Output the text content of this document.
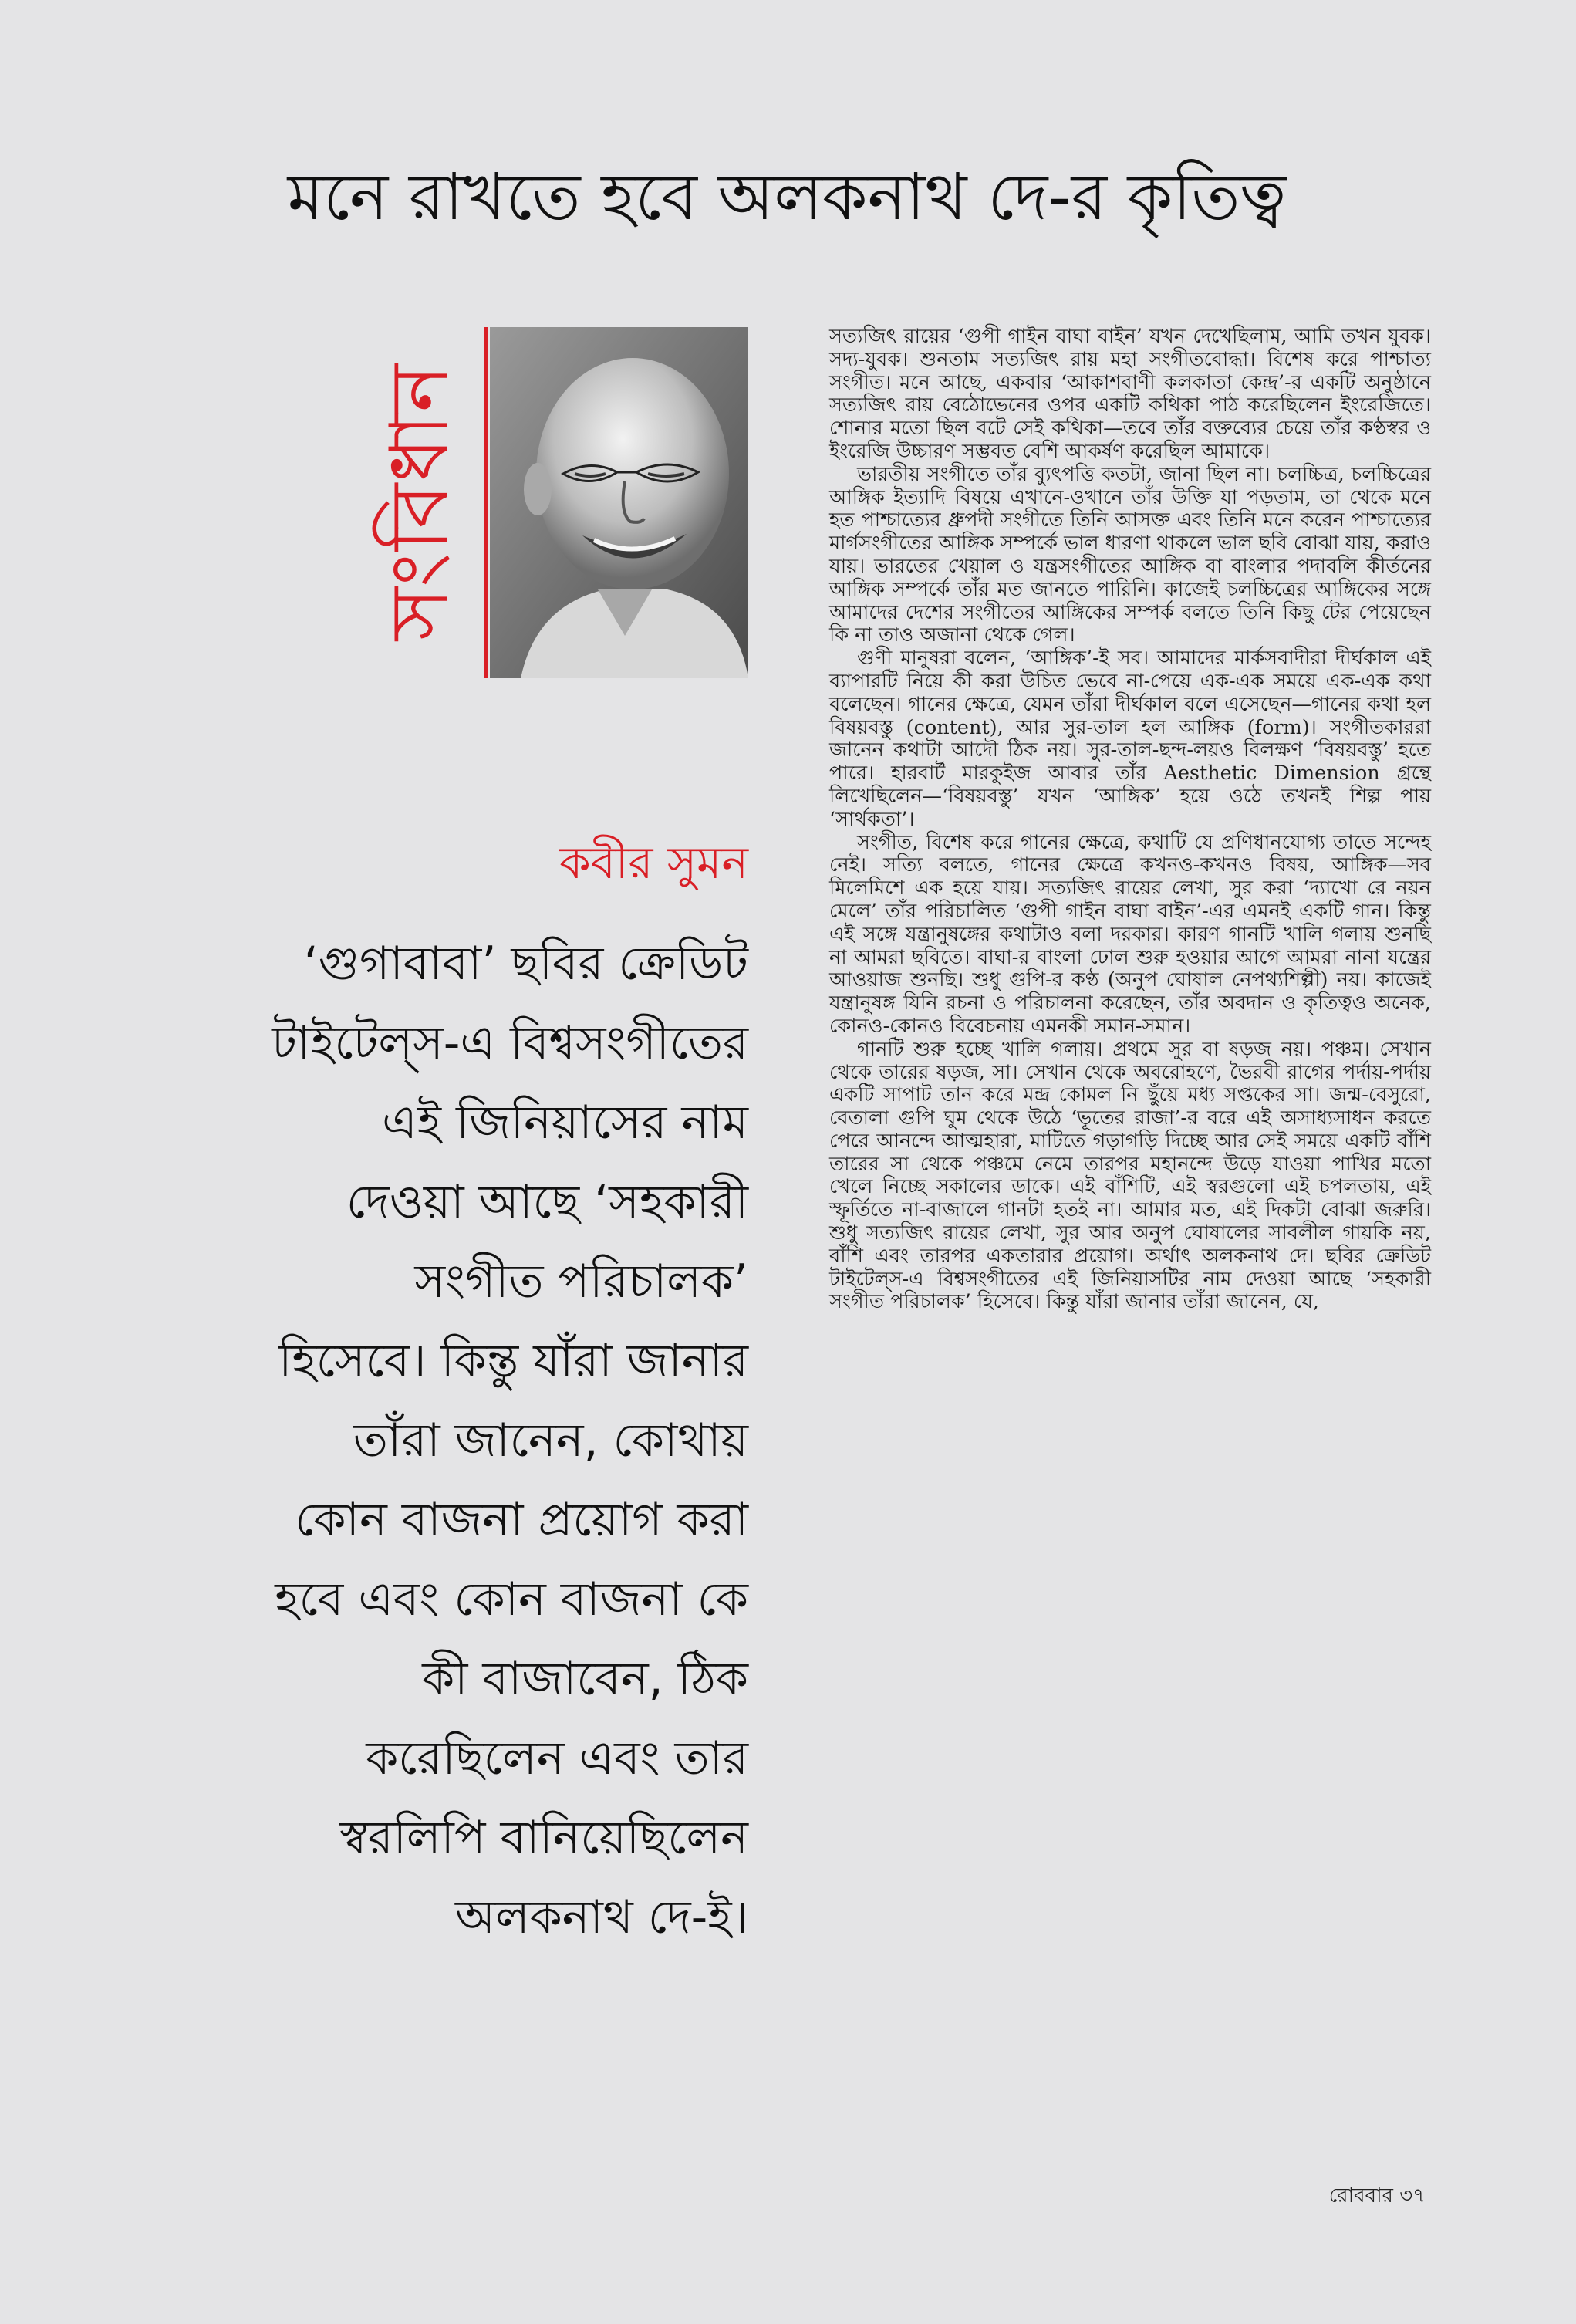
মনে রাখতে হবে অলকনাথ দে-র কৃতিত্ব
সংবিধান
কবীর সুমন
‘গুগাবাবা’ ছবির ক্রেডিট
টাইটেল্‌স-এ বিশ্বসংগীতের
এই জিনিয়াসের নাম
দেওয়া আছে ‘সহকারী
সংগীত পরিচালক’
হিসেবে। কিন্তু যাঁরা জানার
তাঁরা জানেন, কোথায়
কোন বাজনা প্রয়োগ করা
হবে এবং কোন বাজনা কে
কী বাজাবেন, ঠিক
করেছিলেন এবং তার
স্বরলিপি বানিয়েছিলেন
অলকনাথ দে-ই।

সত্যজিৎ রায়ের ‘গুপী গাইন বাঘা বাইন’ যখন দেখেছিলাম, আমি তখন যুবক। সদ্য-যুবক। শুনতাম সত্যজিৎ রায় মহা সংগীতবোদ্ধা। বিশেষ করে পাশ্চাত্য সংগীত। মনে আছে, একবার ‘আকাশবাণী কলকাতা কেন্দ্র’-র একটি অনুষ্ঠানে সত্যজিৎ রায় বেঠোভেনের ওপর একটি কথিকা পাঠ করেছিলেন ইংরেজিতে। শোনার মতো ছিল বটে সেই কথিকা—তবে তাঁর বক্তব্যের চেয়ে তাঁর কণ্ঠস্বর ও ইংরেজি উচ্চারণ সম্ভবত বেশি আকর্ষণ করেছিল আমাকে।

ভারতীয় সংগীতে তাঁর ব্যুৎপত্তি কতটা, জানা ছিল না। চলচ্চিত্র, চলচ্চিত্রের আঙ্গিক ইত্যাদি বিষয়ে এখানে-ওখানে তাঁর উক্তি যা পড়তাম, তা থেকে মনে হত পাশ্চাত্যের ধ্রুপদী সংগীতে তিনি আসক্ত এবং তিনি মনে করেন পাশ্চাত্যের মার্গসংগীতের আঙ্গিক সম্পর্কে ভাল ধারণা থাকলে ভাল ছবি বোঝা যায়, করাও যায়। ভারতের খেয়াল ও যন্ত্রসংগীতের আঙ্গিক বা বাংলার পদাবলি কীর্তনের আঙ্গিক সম্পর্কে তাঁর মত জানতে পারিনি। কাজেই চলচ্চিত্রের আঙ্গিকের সঙ্গে আমাদের দেশের সংগীতের আঙ্গিকের সম্পর্ক বলতে তিনি কিছু টের পেয়েছেন কি না তাও অজানা থেকে গেল।

গুণী মানুষরা বলেন, ‘আঙ্গিক’-ই সব। আমাদের মার্কসবাদীরা দীর্ঘকাল এই ব্যাপারটি নিয়ে কী করা উচিত ভেবে না-পেয়ে এক-এক সময়ে এক-এক কথা বলেছেন। গানের ক্ষেত্রে, যেমন তাঁরা দীর্ঘকাল বলে এসেছেন—গানের কথা হল বিষয়বস্তু (content), আর সুর-তাল হল আঙ্গিক (form)। সংগীতকাররা জানেন কথাটা আদৌ ঠিক নয়। সুর-তাল-ছন্দ-লয়ও বিলক্ষণ ‘বিষয়বস্তু’ হতে পারে। হারবার্ট মারকুইজ আবার তাঁর Aesthetic Dimension গ্রন্থে লিখেছিলেন—‘বিষয়বস্তু’ যখন ‘আঙ্গিক’ হয়ে ওঠে তখনই শিল্প পায় ‘সার্থকতা’।

সংগীত, বিশেষ করে গানের ক্ষেত্রে, কথাটি যে প্রণিধানযোগ্য তাতে সন্দেহ নেই। সত্যি বলতে, গানের ক্ষেত্রে কখনও-কখনও বিষয়, আঙ্গিক—সব মিলেমিশে এক হয়ে যায়। সত্যজিৎ রায়ের লেখা, সুর করা ‘দ্যাখো রে নয়ন মেলে’ তাঁর পরিচালিত ‘গুপী গাইন বাঘা বাইন’-এর এমনই একটি গান। কিন্তু এই সঙ্গে যন্ত্রানুষঙ্গের কথাটাও বলা দরকার। কারণ গানটি খালি গলায় শুনছি না আমরা ছবিতে। বাঘা-র বাংলা ঢোল শুরু হওয়ার আগে আমরা নানা যন্ত্রের আওয়াজ শুনছি। শুধু গুপি-র কণ্ঠ (অনুপ ঘোষাল নেপথ্যশিল্পী) নয়। কাজেই যন্ত্রানুষঙ্গ যিনি রচনা ও পরিচালনা করেছেন, তাঁর অবদান ও কৃতিত্বও অনেক, কোনও-কোনও বিবেচনায় এমনকী সমান-সমান।

গানটি শুরু হচ্ছে খালি গলায়। প্রথমে সুর বা ষড়জ নয়। পঞ্চম। সেখান থেকে তারের ষড়জ, সা। সেখান থেকে অবরোহণে, ভৈরবী রাগের পর্দায়-পর্দায় একটি সাপাট তান করে মন্দ্র কোমল নি ছুঁয়ে মধ্য সপ্তকের সা। জন্ম-বেসুরো, বেতালা গুপি ঘুম থেকে উঠে ‘ভূতের রাজা’-র বরে এই অসাধ্যসাধন করতে পেরে আনন্দে আত্মহারা, মাটিতে গড়াগড়ি দিচ্ছে আর সেই সময়ে একটি বাঁশি তারের সা থেকে পঞ্চমে নেমে তারপর মহানন্দে উড়ে যাওয়া পাখির মতো খেলে নিচ্ছে সকালের ডাকে। এই বাঁশিটি, এই স্বরগুলো এই চপলতায়, এই স্ফূর্তিতে না-বাজালে গানটা হতই না। আমার মত, এই দিকটা বোঝা জরুরি। শুধু সত্যজিৎ রায়ের লেখা, সুর আর অনুপ ঘোষালের সাবলীল গায়কি নয়, বাঁশি এবং তারপর একতারার প্রয়োগ। অর্থাৎ অলকনাথ দে। ছবির ক্রেডিট টাইটেল্‌স-এ বিশ্বসংগীতের এই জিনিয়াসটির নাম দেওয়া আছে ‘সহকারী সংগীত পরিচালক’ হিসেবে। কিন্তু যাঁরা জানার তাঁরা জানেন, যে,

রোববার ৩৭
